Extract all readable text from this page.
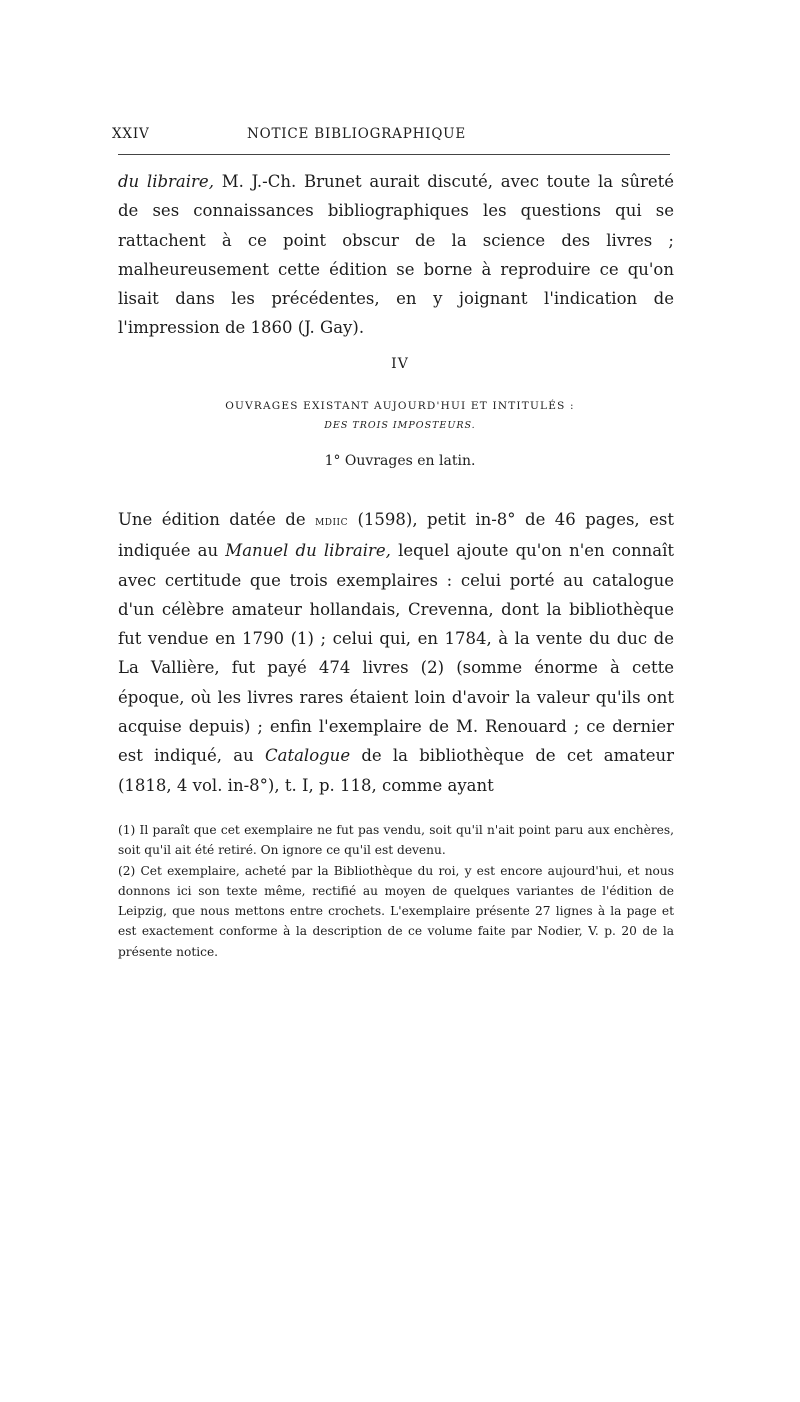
XXIV	NOTICE BIBLIOGRAPHIQUE
du libraire, M. J.-Ch. Brunet aurait discuté, avec toute la sûreté de ses connaissances bibliographiques les questions qui se rattachent à ce point obscur de la science des livres ; malheureusement cette édition se borne à reproduire ce qu'on lisait dans les précédentes, en y joignant l'indication de l'impression de 1860 (J. Gay).
IV
OUVRAGES EXISTANT AUJOURD'HUI ET INTITULÉS :
DES TROIS IMPOSTEURS.
1° Ouvrages en latin.
Une édition datée de mdiic (1598), petit in-8° de 46 pages, est indiquée au Manuel du libraire, lequel ajoute qu'on n'en connaît avec certitude que trois exemplaires : celui porté au catalogue d'un célèbre amateur hollandais, Crevenna, dont la bibliothèque fut vendue en 1790 (1) ; celui qui, en 1784, à la vente du duc de La Vallière, fut payé 474 livres (2) (somme énorme à cette époque, où les livres rares étaient loin d'avoir la valeur qu'ils ont acquise depuis) ; enfin l'exemplaire de M. Renouard ; ce dernier est indiqué, au Catalogue de la bibliothèque de cet amateur (1818, 4 vol. in-8°), t. I, p. 118, comme ayant

(1) Il paraît que cet exemplaire ne fut pas vendu, soit qu'il n'ait point paru aux enchères, soit qu'il ait été retiré. On ignore ce qu'il est devenu.

(2) Cet exemplaire, acheté par la Bibliothèque du roi, y est encore aujourd'hui, et nous donnons ici son texte même, rectifié au moyen de quelques variantes de l'édition de Leipzig, que nous mettons entre crochets. L'exemplaire présente 27 lignes à la page et est exactement conforme à la description de ce volume faite par Nodier, V. p. 20 de la présente notice.
